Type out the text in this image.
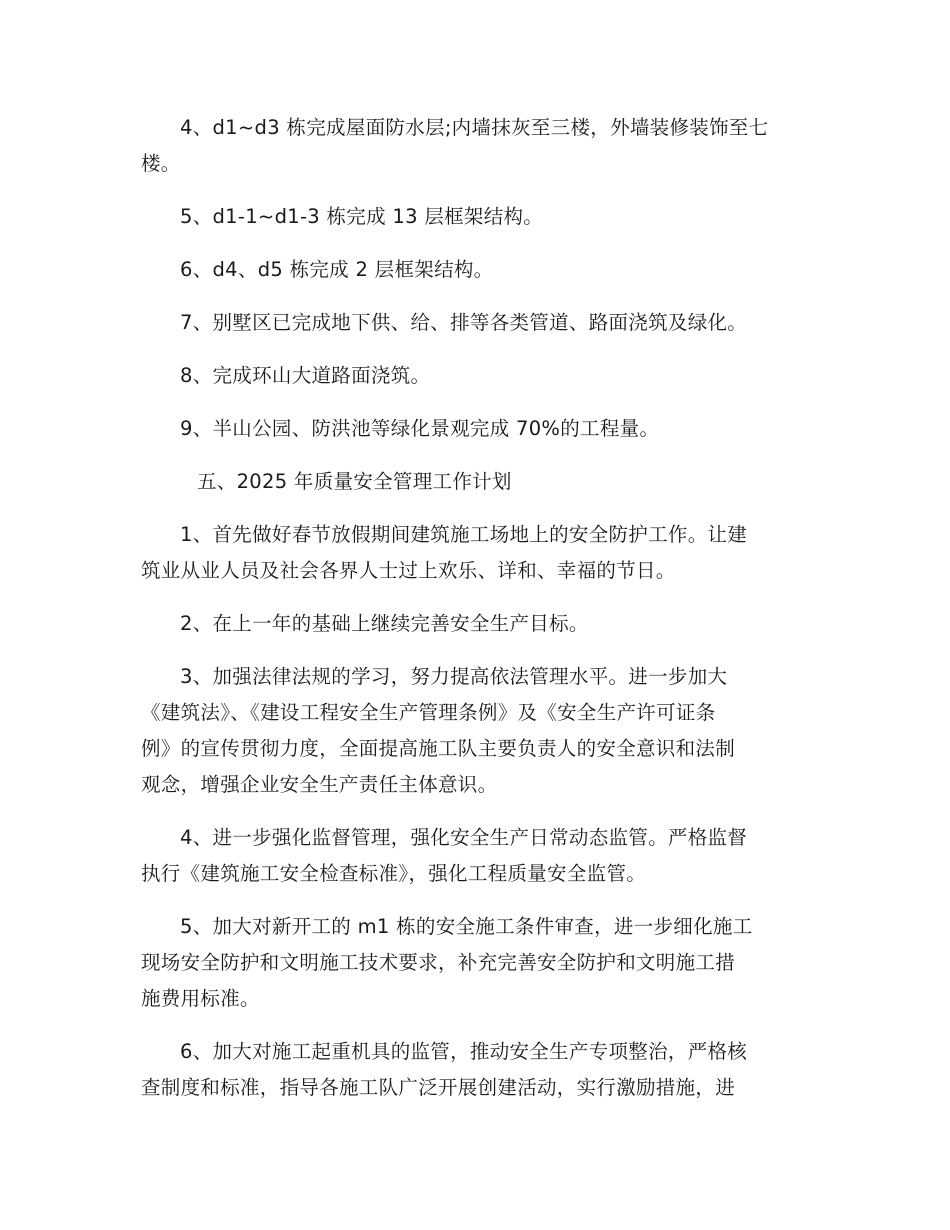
4、d1~d3 栋完成屋面防水层;内墙抹灰至三楼，外墙装修装饰至七
楼。

5、d1-1~d1-3 栋完成 13 层框架结构。

6、d4、d5 栋完成 2 层框架结构。

7、别墅区已完成地下供、给、排等各类管道、路面浇筑及绿化。

8、完成环山大道路面浇筑。

9、半山公园、防洪池等绿化景观完成 70%的工程量。

五、2025 年质量安全管理工作计划

1、首先做好春节放假期间建筑施工场地上的安全防护工作。让建
筑业从业人员及社会各界人士过上欢乐、详和、幸福的节日。

2、在上一年的基础上继续完善安全生产目标。

3、加强法律法规的学习，努力提高依法管理水平。进一步加大
《建筑法》、《建设工程安全生产管理条例》及《安全生产许可证条
例》的宣传贯彻力度，全面提高施工队主要负责人的安全意识和法制
观念，增强企业安全生产责任主体意识。

4、进一步强化监督管理，强化安全生产日常动态监管。严格监督
执行《建筑施工安全检查标准》，强化工程质量安全监管。

5、加大对新开工的 m1 栋的安全施工条件审查，进一步细化施工
现场安全防护和文明施工技术要求，补充完善安全防护和文明施工措
施费用标准。

6、加大对施工起重机具的监管，推动安全生产专项整治，严格核
查制度和标准，指导各施工队广泛开展创建活动，实行激励措施，进
